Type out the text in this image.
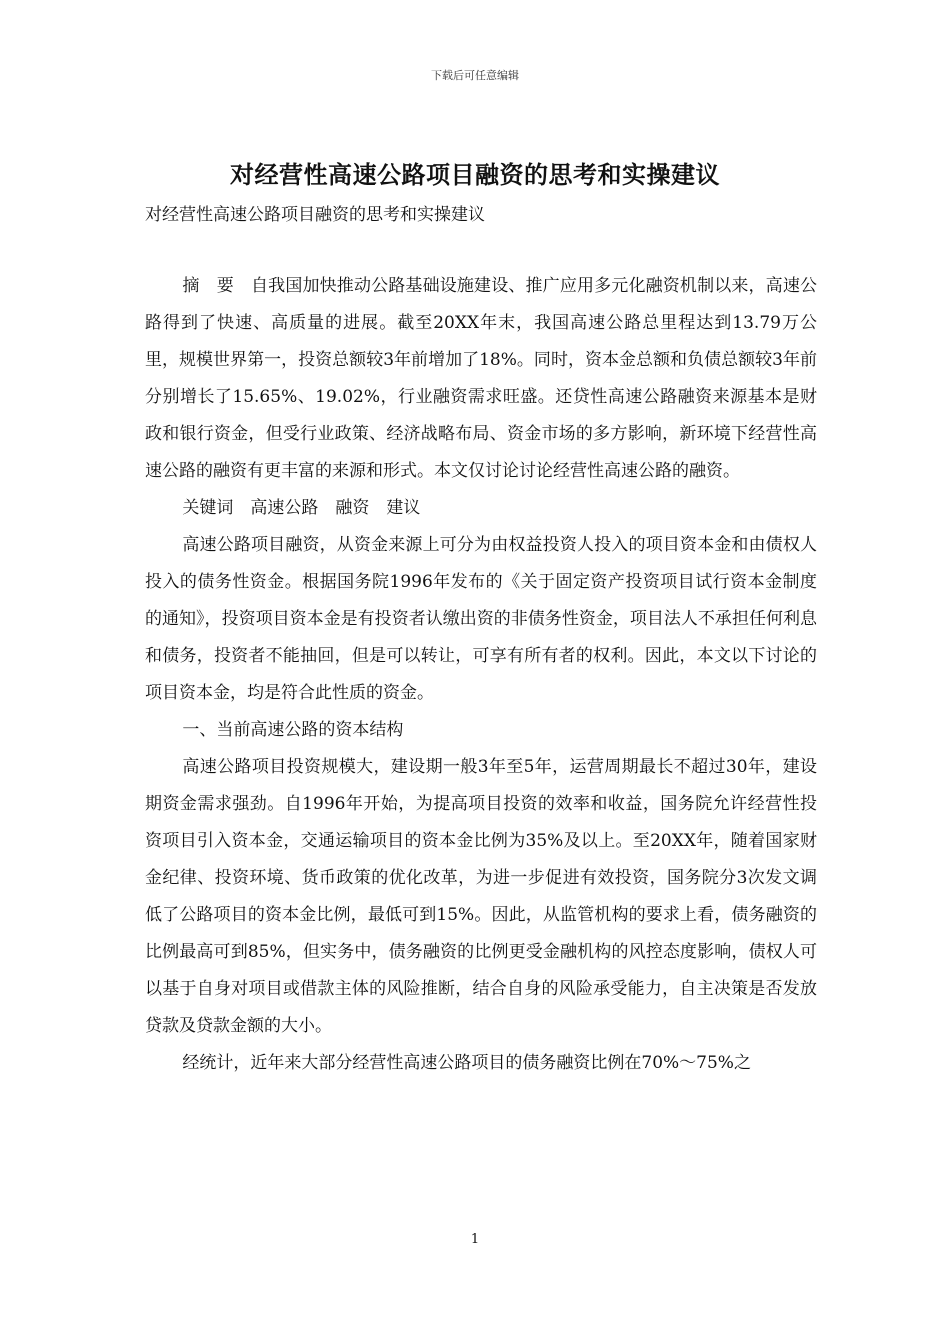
下载后可任意编辑
对经营性高速公路项目融资的思考和实操建议
对经营性高速公路项目融资的思考和实操建议

摘　要　自我国加快推动公路基础设施建设、推广应用多元化融资机制以来，高速公路得到了快速、高质量的进展。截至20XX年末，我国高速公路总里程达到13.79万公里，规模世界第一，投资总额较3年前增加了18%。同时，资本金总额和负债总额较3年前分别增长了15.65%、19.02%，行业融资需求旺盛。还贷性高速公路融资来源基本是财政和银行资金，但受行业政策、经济战略布局、资金市场的多方影响，新环境下经营性高速公路的融资有更丰富的来源和形式。本文仅讨论讨论经营性高速公路的融资。

关键词　高速公路　融资　建议

高速公路项目融资，从资金来源上可分为由权益投资人投入的项目资本金和由债权人投入的债务性资金。根据国务院1996年发布的《关于固定资产投资项目试行资本金制度的通知》，投资项目资本金是有投资者认缴出资的非债务性资金，项目法人不承担任何利息和债务，投资者不能抽回，但是可以转让，可享有所有者的权利。因此，本文以下讨论的项目资本金，均是符合此性质的资金。

一、当前高速公路的资本结构

高速公路项目投资规模大，建设期一般3年至5年，运营周期最长不超过30年，建设期资金需求强劲。自1996年开始，为提高项目投资的效率和收益，国务院允许经营性投资项目引入资本金，交通运输项目的资本金比例为35%及以上。至20XX年，随着国家财金纪律、投资环境、货币政策的优化改革，为进一步促进有效投资，国务院分3次发文调低了公路项目的资本金比例，最低可到15%。因此，从监管机构的要求上看，债务融资的比例最高可到85%，但实务中，债务融资的比例更受金融机构的风控态度影响，债权人可以基于自身对项目或借款主体的风险推断，结合自身的风险承受能力，自主决策是否发放贷款及贷款金额的大小。

经统计，近年来大部分经营性高速公路项目的债务融资比例在70%～75%之

1
